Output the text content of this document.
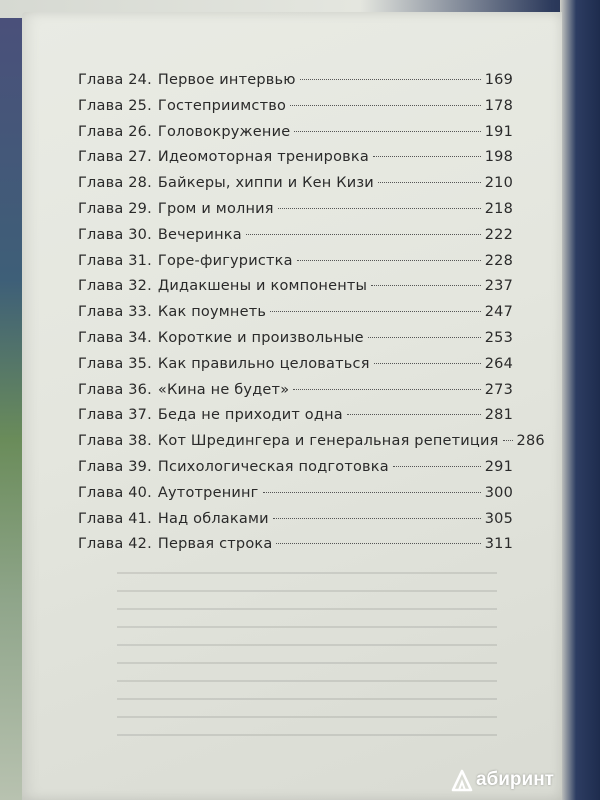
Глава 24. Первое интервью	169
Глава 25. Гостеприимство	178
Глава 26. Головокружение	191
Глава 27. Идеомоторная тренировка	198
Глава 28. Байкеры, хиппи и Кен Кизи	210
Глава 29. Гром и молния	218
Глава 30. Вечеринка	222
Глава 31. Горе-фигуристка	228
Глава 32. Дидакшены и компоненты	237
Глава 33. Как поумнеть	247
Глава 34. Короткие и произвольные	253
Глава 35. Как правильно целоваться	264
Глава 36. «Кина не будет»	273
Глава 37. Беда не приходит одна	281
Глава 38. Кот Шредингера и генеральная репетиция 286
Глава 39. Психологическая подготовка	291
Глава 40. Аутотренинг	300
Глава 41. Над облаками	305
Глава 42. Первая строка	311
абиринт
